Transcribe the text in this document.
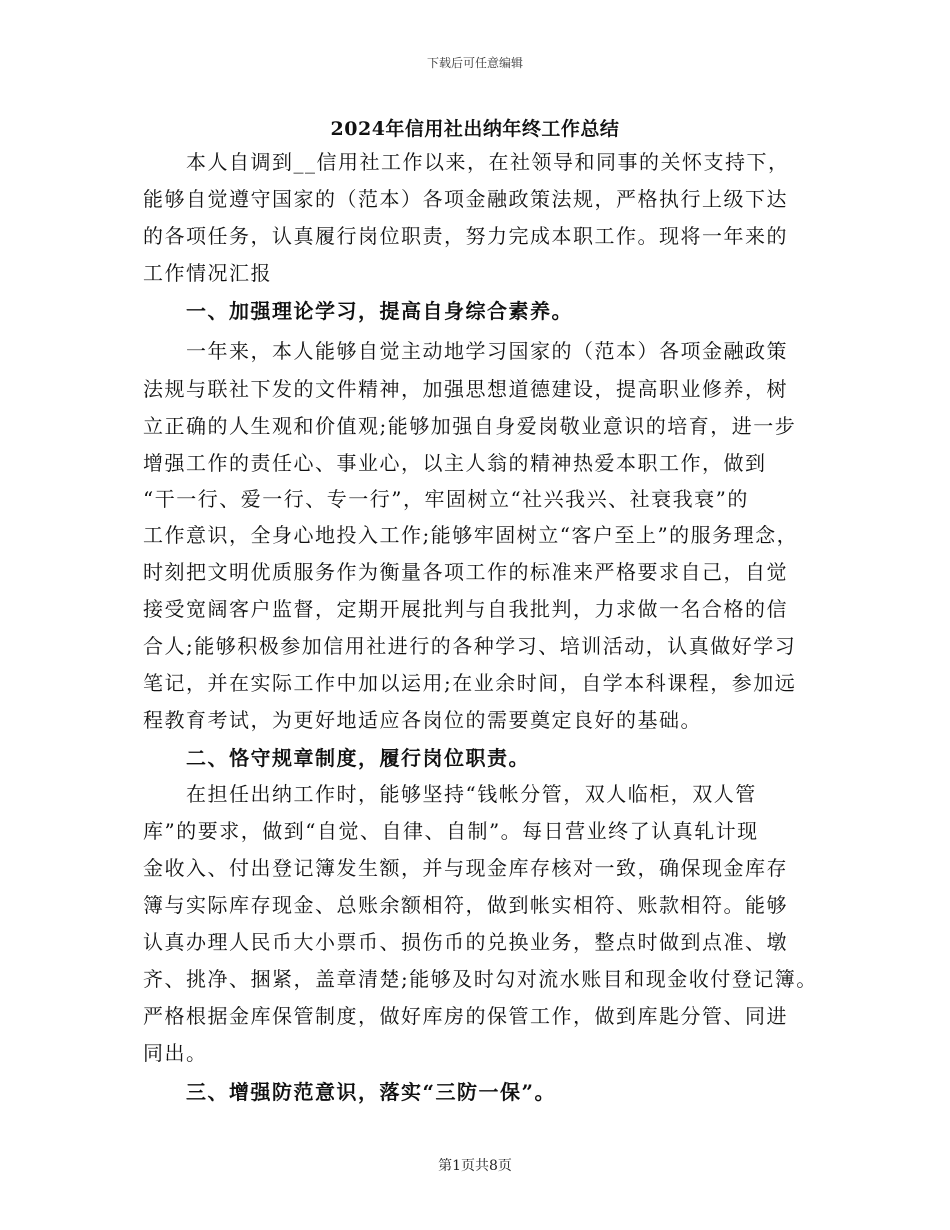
下载后可任意编辑
2024年信用社出纳年终工作总结
本人自调到__信用社工作以来，在社领导和同事的关怀支持下，
能够自觉遵守国家的（范本）各项金融政策法规，严格执行上级下达
的各项任务，认真履行岗位职责，努力完成本职工作。现将一年来的
工作情况汇报
一、加强理论学习，提高自身综合素养。
一年来，本人能够自觉主动地学习国家的（范本）各项金融政策
法规与联社下发的文件精神，加强思想道德建设，提高职业修养，树
立正确的人生观和价值观;能够加强自身爱岗敬业意识的培育，进一步
增强工作的责任心、事业心，以主人翁的精神热爱本职工作，做到
“干一行、爱一行、专一行”，牢固树立“社兴我兴、社衰我衰”的
工作意识，全身心地投入工作;能够牢固树立“客户至上”的服务理念，
时刻把文明优质服务作为衡量各项工作的标准来严格要求自己，自觉
接受宽阔客户监督，定期开展批判与自我批判，力求做一名合格的信
合人;能够积极参加信用社进行的各种学习、培训活动，认真做好学习
笔记，并在实际工作中加以运用;在业余时间，自学本科课程，参加远
程教育考试，为更好地适应各岗位的需要奠定良好的基础。
二、恪守规章制度，履行岗位职责。
在担任出纳工作时，能够坚持“钱帐分管，双人临柜，双人管
库”的要求，做到“自觉、自律、自制”。每日营业终了认真轧计现
金收入、付出登记簿发生额，并与现金库存核对一致，确保现金库存
簿与实际库存现金、总账余额相符，做到帐实相符、账款相符。能够
认真办理人民币大小票币、损伤币的兑换业务，整点时做到点准、墩
齐、挑净、捆紧，盖章清楚;能够及时勾对流水账目和现金收付登记簿。
严格根据金库保管制度，做好库房的保管工作，做到库匙分管、同进
同出。
三、增强防范意识，落实“三防一保”。
第1页共8页
